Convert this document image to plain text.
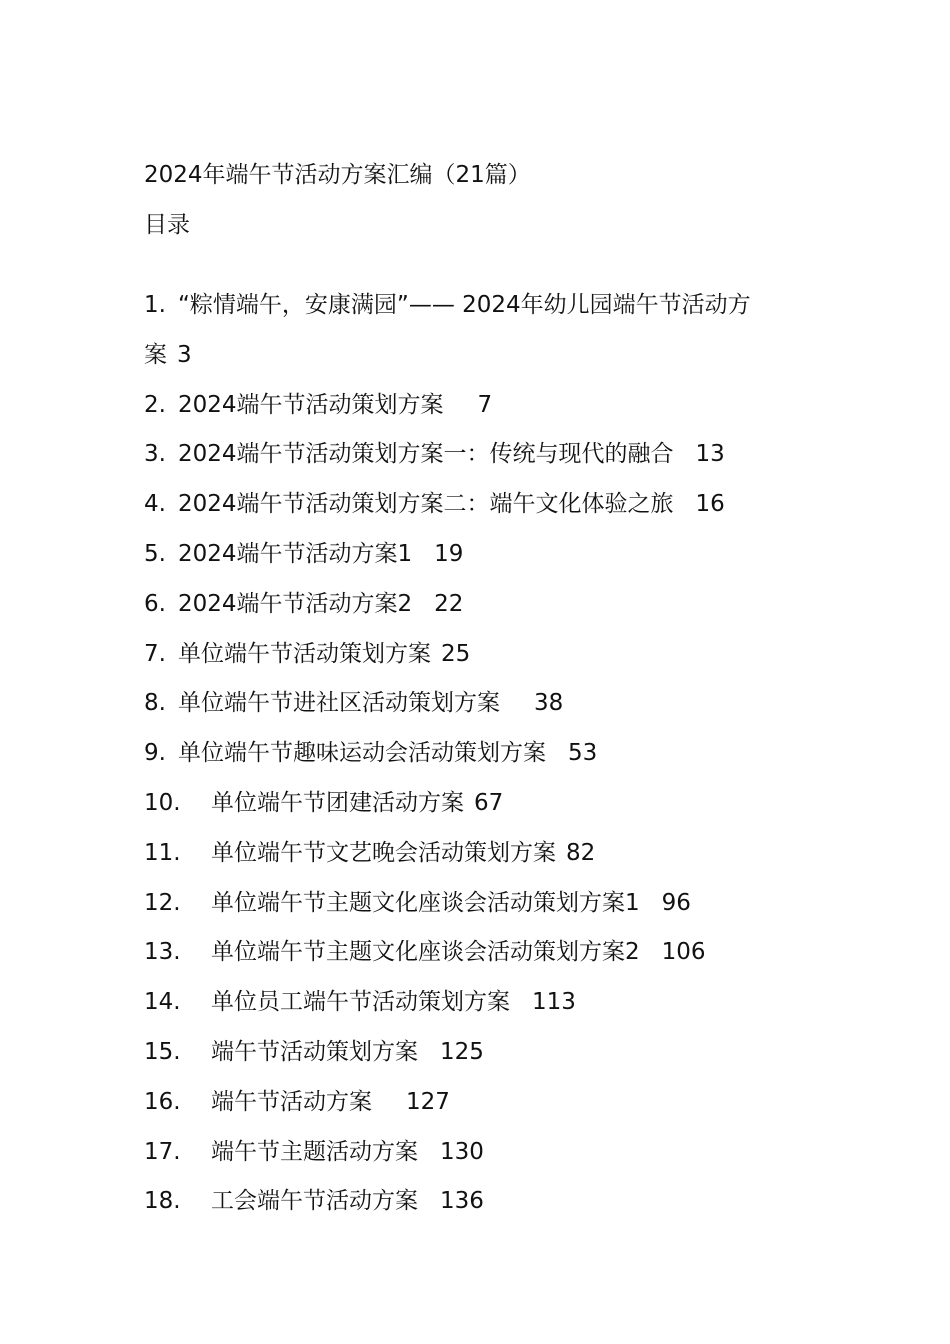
2024年端午节活动方案汇编（21篇）
目录
1. “粽情端午，安康满园”—— 2024年幼儿园端午节活动方
案 3
2. 2024端午节活动策划方案 7
3. 2024端午节活动策划方案一：传统与现代的融合 13
4. 2024端午节活动策划方案二：端午文化体验之旅 16
5. 2024端午节活动方案1 19
6. 2024端午节活动方案2 22
7. 单位端午节活动策划方案 25
8. 单位端午节进社区活动策划方案 38
9. 单位端午节趣味运动会活动策划方案 53
10. 单位端午节团建活动方案 67
11. 单位端午节文艺晚会活动策划方案 82
12. 单位端午节主题文化座谈会活动策划方案1 96
13. 单位端午节主题文化座谈会活动策划方案2 106
14. 单位员工端午节活动策划方案 113
15. 端午节活动策划方案 125
16. 端午节活动方案 127
17. 端午节主题活动方案 130
18. 工会端午节活动方案 136
